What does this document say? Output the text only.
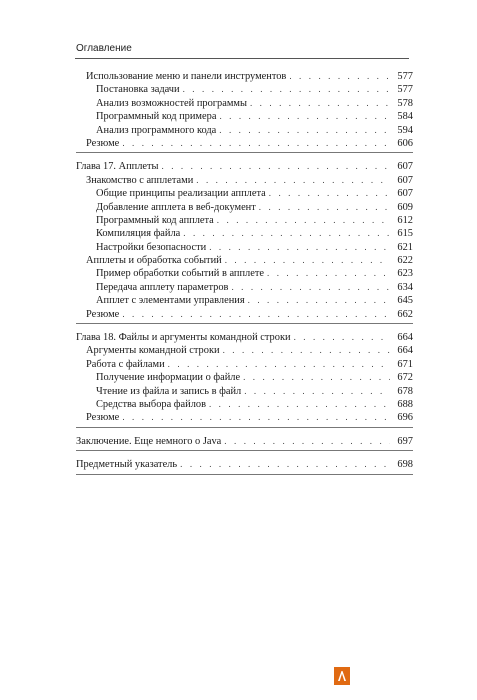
Оглавление
Использование меню и панели инструментов . . .	577
Постановка задачи . . .	577
Анализ возможностей программы . . .	578
Программный код примера . . .	584
Анализ программного кода . . .	594
Резюме . . .	606
Глава 17. Апплеты . . .	607
Знакомство с апплетами . . .	607
Общие принципы реализации апплета . . .	607
Добавление апплета в веб-документ . . .	609
Программный код апплета . . .	612
Компиляция файла . . .	615
Настройки безопасности . . .	621
Апплеты и обработка событий . . .	622
Пример обработки событий в апплете . . .	623
Передача апплету параметров . . .	634
Апплет с элементами управления . . .	645
Резюме . . .	662
Глава 18. Файлы и аргументы командной строки . . .	664
Аргументы командной строки . . .	664
Работа с файлами . . .	671
Получение информации о файле . . .	672
Чтение из файла и запись в файл . . .	678
Средства выбора файлов . . .	688
Резюме . . .	696
Заключение. Еще немного о Java . . .	697
Предметный указатель . . .	698
